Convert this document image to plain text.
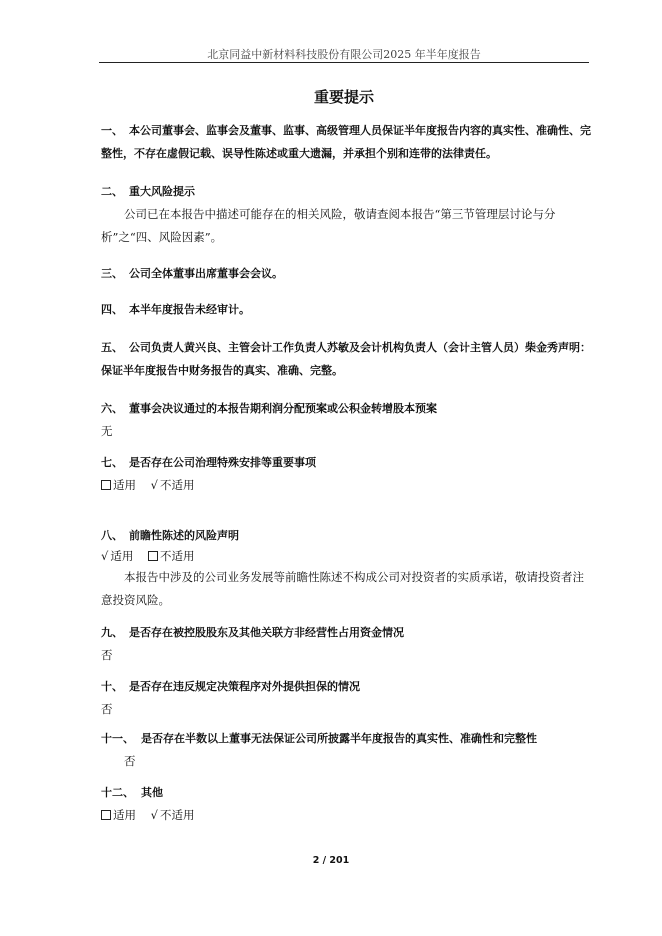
北京同益中新材料科技股份有限公司2025 年半年度报告
重要提示
一、 本公司董事会、监事会及董事、监事、高级管理人员保证半年度报告内容的真实性、准确性、完整性，不存在虚假记载、误导性陈述或重大遗漏，并承担个别和连带的法律责任。
二、 重大风险提示
公司已在本报告中描述可能存在的相关风险，敬请查阅本报告“第三节管理层讨论与分析”之“四、风险因素”。
三、 公司全体董事出席董事会会议。
四、 本半年度报告未经审计。
五、 公司负责人黄兴良、主管会计工作负责人苏敏及会计机构负责人（会计主管人员）柴金秀声明：保证半年度报告中财务报告的真实、准确、完整。
六、 董事会决议通过的本报告期利润分配预案或公积金转增股本预案
无
七、 是否存在公司治理特殊安排等重要事项
适用 √ 不适用
八、 前瞻性陈述的风险声明
√ 适用 不适用
本报告中涉及的公司业务发展等前瞻性陈述不构成公司对投资者的实质承诺，敬请投资者注意投资风险。
九、 是否存在被控股股东及其他关联方非经营性占用资金情况
否
十、 是否存在违反规定决策程序对外提供担保的情况
否
十一、 是否存在半数以上董事无法保证公司所披露半年度报告的真实性、准确性和完整性
否
十二、 其他
适用 √ 不适用
2 / 201
